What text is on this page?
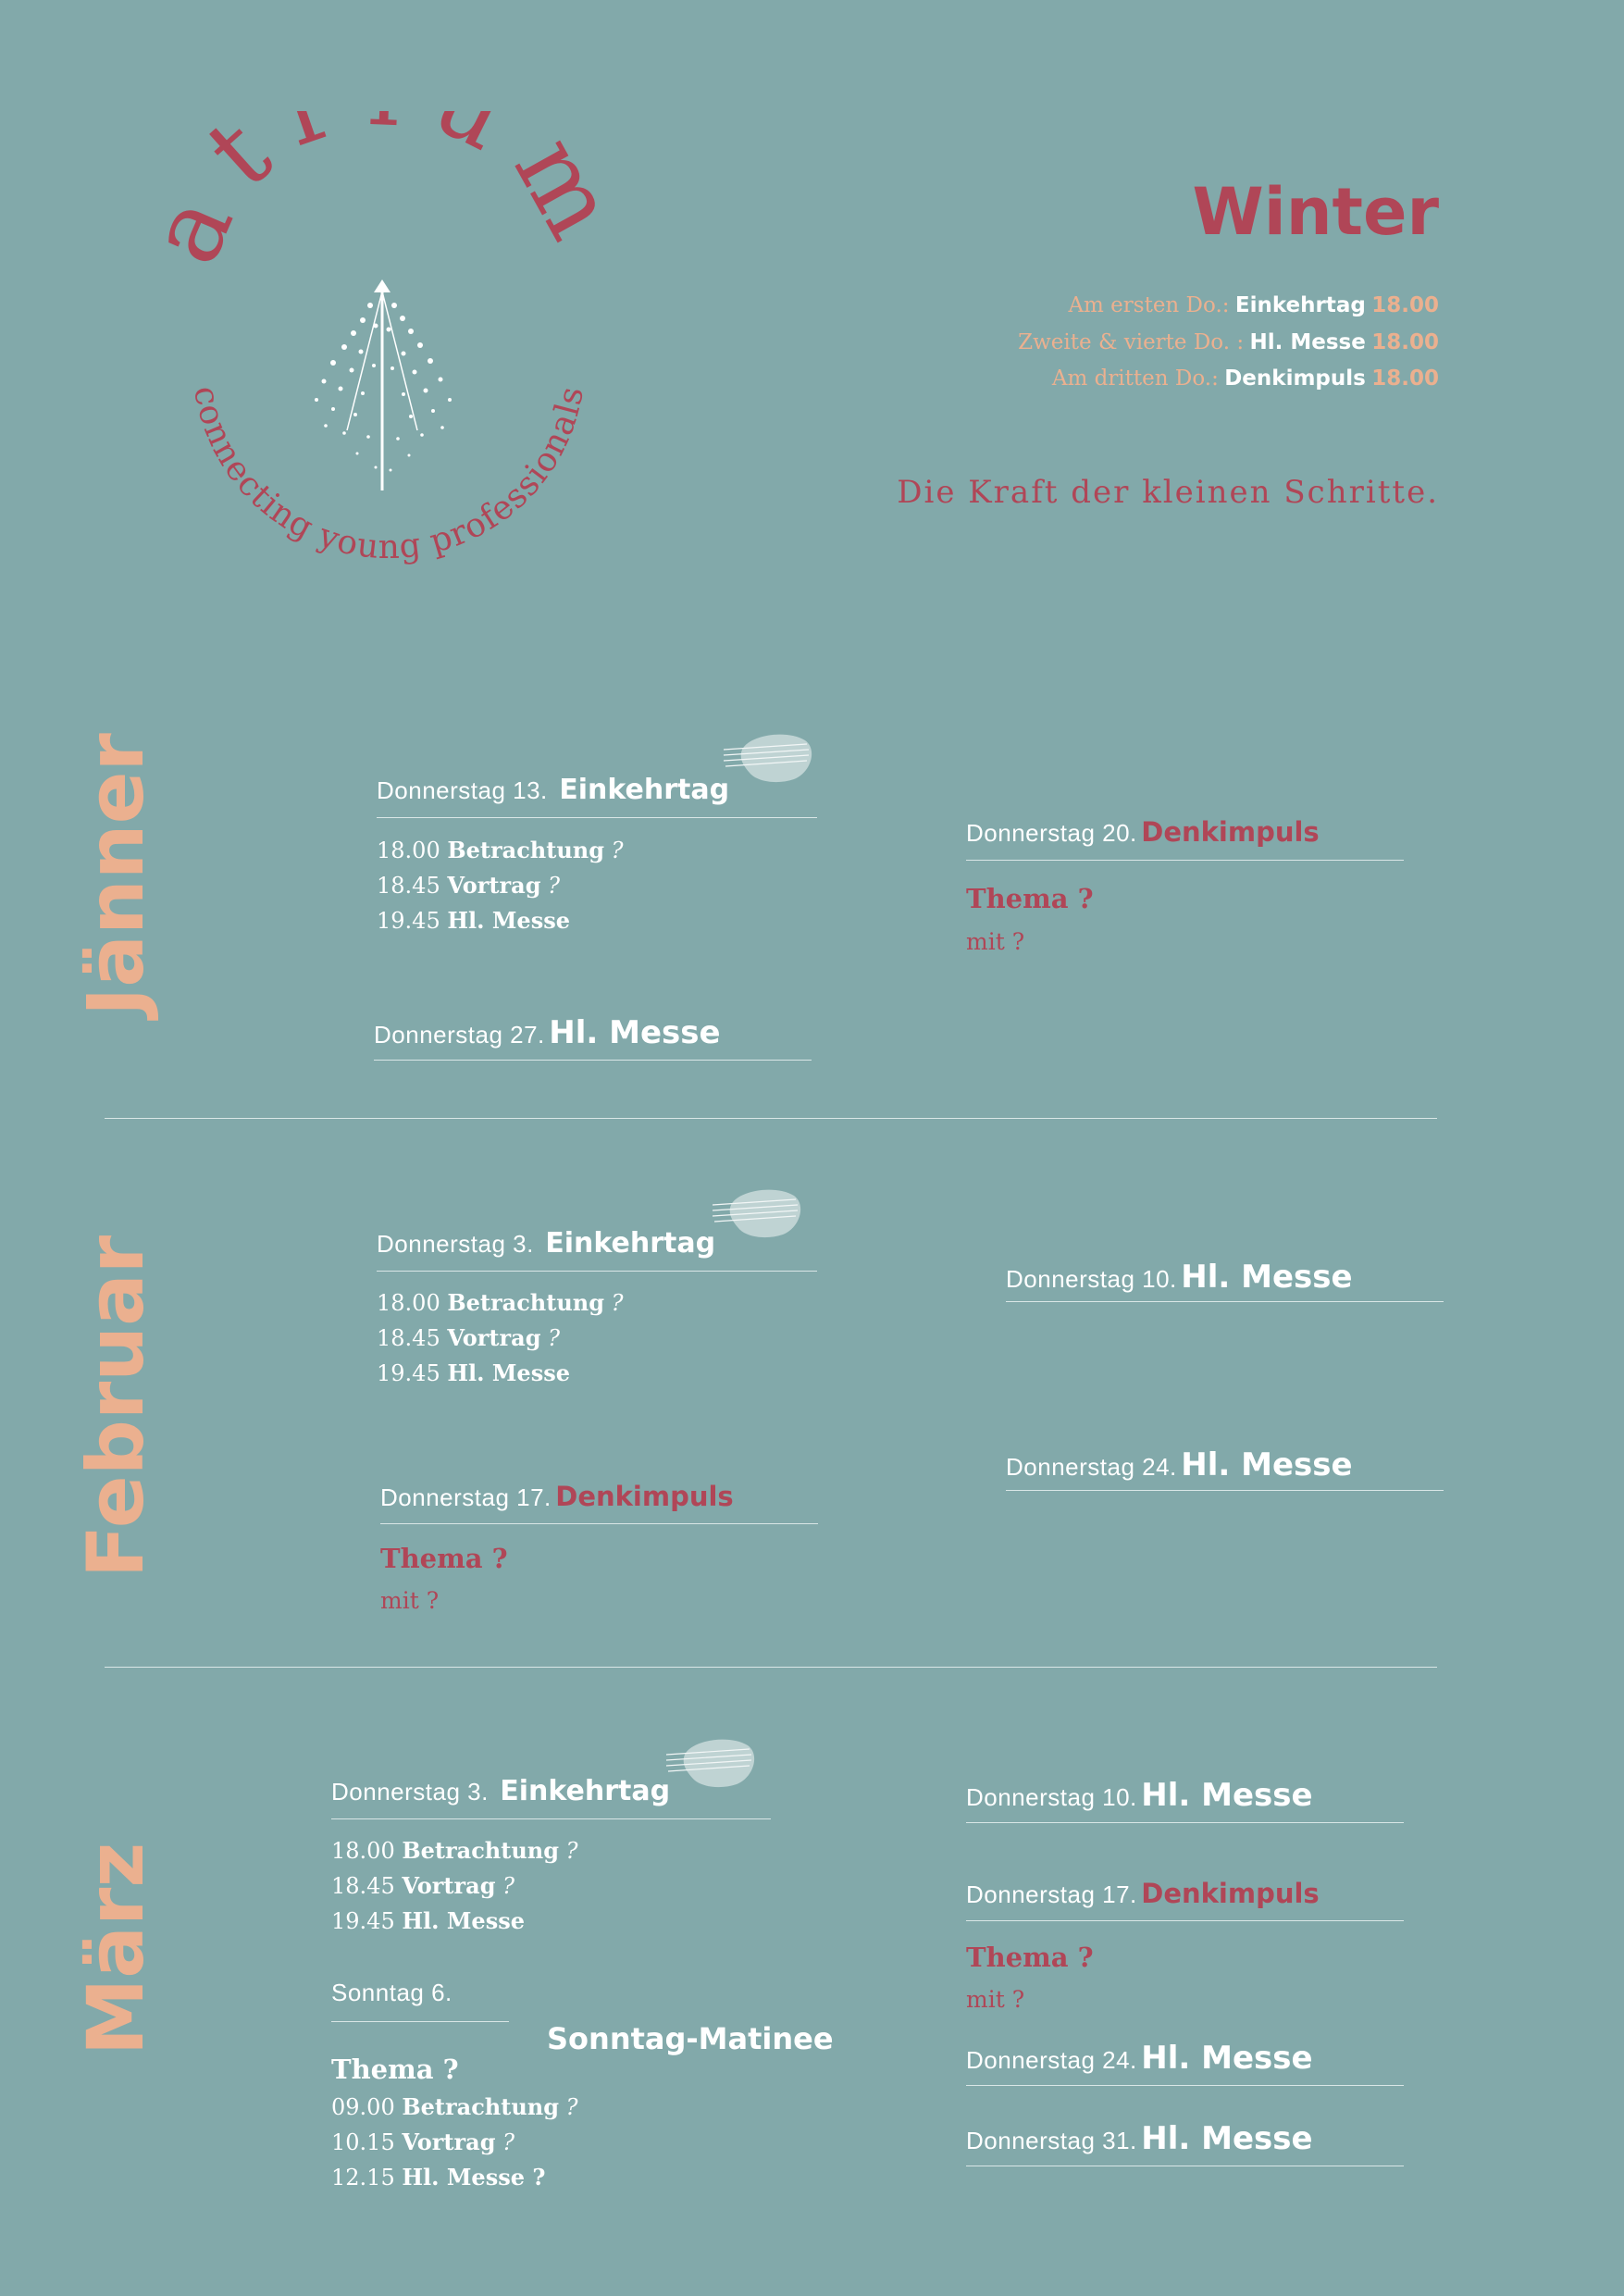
t u
connecting young professionals
Winter
Am ersten Do.: Einkehrtag 18.00
Zweite & vierte Do. : Hl. Messe 18.00
Am dritten Do.: Denkimpuls 18.00
Die Kraft der kleinen Schritte.
Jänner	Donnerstag 13. Einkehrtag
18.00 Betrachtung ?
18.45 Vortrag ?
19.45 Hl. Messe
Donnerstag 20. Denkimpuls
Thema ?
mit ?
Donnerstag 27. Hl. Messe
Februar	Donnerstag 3. Einkehrtag
18.00 Betrachtung ?
18.45 Vortrag ?
19.45 Hl. Messe
Donnerstag 10. Hl. Messe
Donnerstag 17. Denkimpuls
Thema ?
mit ?
Donnerstag 24. Hl. Messe
März
Donnerstag 3. Einkehrtag
18.00 Betrachtung ?
18.45 Vortrag ?
19.45 Hl. Messe
Sonntag 6.
Sonntag-Matinee
Thema ?
09.00 Betrachtung ?
10.15 Vortrag ?
12.15 Hl. Messe ?
Donnerstag 10. Hl. Messe
Donnerstag 17. Denkimpuls
Thema ?
mit ?
Donnerstag 24. Hl. Messe
Donnerstag 31. Hl. Messe
